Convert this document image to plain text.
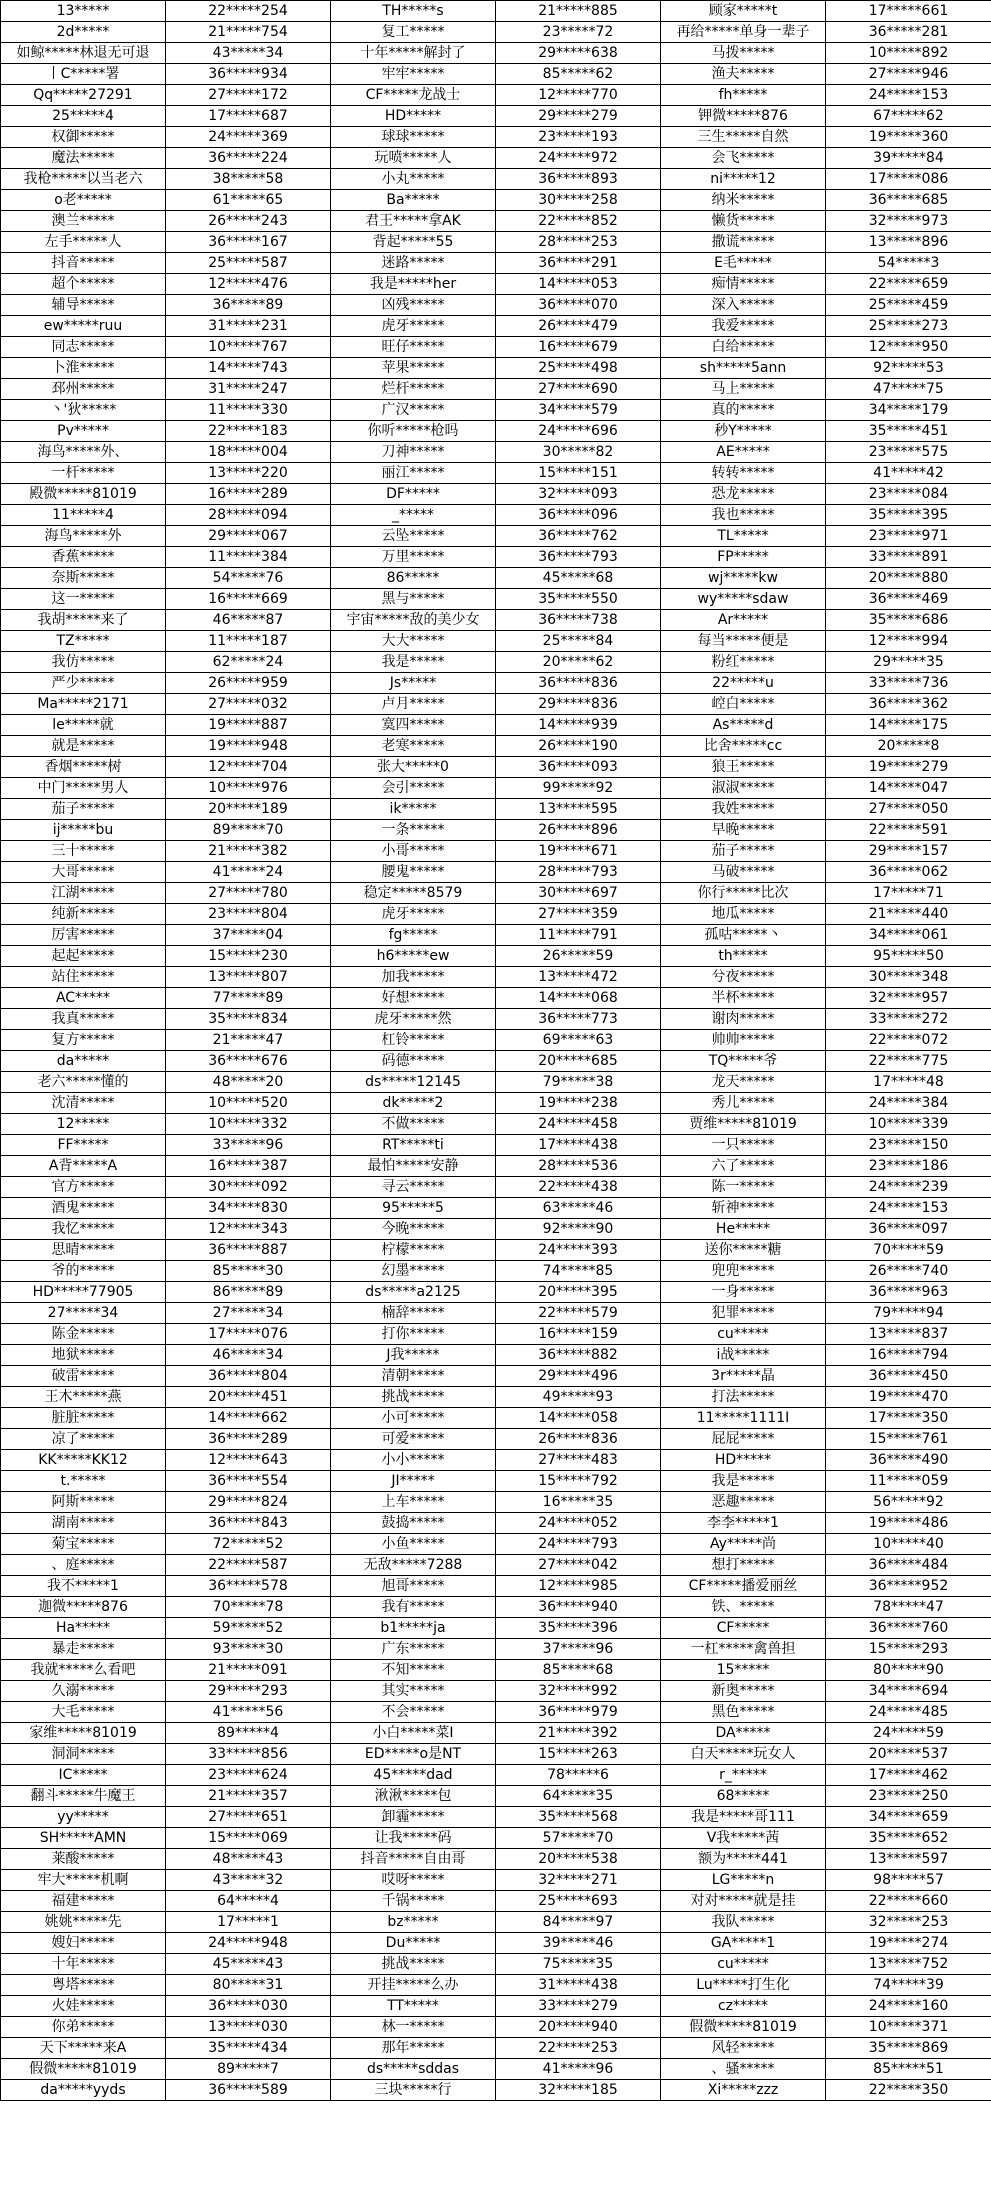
13*****	22*****254	TH*****s	21*****885	顾家*****t	17*****661
2d*****	21*****754	复工*****	23*****72	再给*****单身一辈子	36*****281
如鲸*****林退无可退	43*****34	十年*****解封了	29*****638	马拨*****	10*****892
丨C*****署	36*****934	牢牢*****	85*****62	渔夫*****	27*****946
Qq*****27291	27*****172	CF*****龙战士	12*****770	fh*****	24*****153
25*****4	17*****687	HD*****	29*****279	钾微*****876	67*****62
权御*****	24*****369	球球*****	23*****193	三生*****自然	19*****360
魔法*****	36*****224	玩喷*****人	24*****972	会飞*****	39*****84
我枪*****以当老六	38*****58	小丸*****	36*****893	ni*****12	17*****086
o老*****	61*****65	Ba*****	30*****258	纳米*****	36*****685
澳兰*****	26*****243	君王*****拿AK	22*****852	懒货*****	32*****973
左手*****人	36*****167	背起*****55	28*****253	撒谎*****	13*****896
抖音*****	25*****587	迷路*****	36*****291	E毛*****	54*****3
超个*****	12*****476	我是*****her	14*****053	痴情*****	22*****659
辅导*****	36*****89	凶残*****	36*****070	深入*****	25*****459
ew*****ruu	31*****231	虎牙*****	26*****479	我爱*****	25*****273
同志*****	10*****767	旺仔*****	16*****679	白给*****	12*****950
卜淮*****	14*****743	苹果*****	25*****498	sh*****5ann	92*****53
邳州*****	31*****247	烂杆*****	27*****690	马上*****	47*****75
丶'狄*****	11*****330	广汉*****	34*****579	真的*****	34*****179
Pv*****	22*****183	你听*****枪吗	24*****696	秒Y*****	35*****451
海鸟*****外、	18*****004	刀神*****	30*****82	AE*****	23*****575
一杆*****	13*****220	丽江*****	15*****151	转转*****	41*****42
殿微*****81019	16*****289	DF*****	32*****093	恐龙*****	23*****084
11*****4	28*****094	_*****	36*****096	我也*****	35*****395
海鸟*****外	29*****067	云坠*****	36*****762	TL*****	23*****971
香蕉*****	11*****384	万里*****	36*****793	FP*****	33*****891
奈斯*****	54*****76	86*****	45*****68	wj*****kw	20*****880
这一*****	16*****669	黑与*****	35*****550	wy*****sdaw	36*****469
我胡*****来了	46*****87	宇宙*****敌的美少女	36*****738	Ar*****	35*****686
TZ*****	11*****187	大大*****	25*****84	每当*****便是	12*****994
我仿*****	62*****24	我是*****	20*****62	粉红*****	29*****35
严少*****	26*****959	Js*****	36*****836	22*****u	33*****736
Ma*****2171	27*****032	卢月*****	29*****836	崆白*****	36*****362
le*****就	19*****887	寞四*****	14*****939	As*****d	14*****175
就是*****	19*****948	老寒*****	26*****190	比舍*****cc	20*****8
香烟*****树	12*****704	张大*****0	36*****093	狼王*****	19*****279
中门*****男人	10*****976	会引*****	99*****92	淑淑*****	14*****047
茄子*****	20*****189	ik*****	13*****595	我姓*****	27*****050
ij*****bu	89*****70	一条*****	26*****896	早晚*****	22*****591
三十*****	21*****382	小哥*****	19*****671	茄子*****	29*****157
大哥*****	41*****24	腰鬼*****	28*****793	马破*****	36*****062
江湖*****	27*****780	稳定*****8579	30*****697	你行*****比次	17*****71
纯新*****	23*****804	虎牙*****	27*****359	地瓜*****	21*****440
厉害*****	37*****04	fg*****	11*****791	孤咕*****丶	34*****061
起起*****	15*****230	h6*****ew	26*****59	th*****	95*****50
站住*****	13*****807	加我*****	13*****472	兮夜*****	30*****348
AC*****	77*****89	好想*****	14*****068	半杯*****	32*****957
我真*****	35*****834	虎牙*****然	36*****773	谢肉*****	33*****272
复方*****	21*****47	杠铃*****	69*****63	帅帅*****	22*****072
da*****	36*****676	码德*****	20*****685	TQ*****爷	22*****775
老六*****懂的	48*****20	ds*****12145	79*****38	龙天*****	17*****48
沈清*****	10*****520	dk*****2	19*****238	秀儿*****	24*****384
12*****	10*****332	不做*****	24*****458	贾维*****81019	10*****339
FF*****	33*****96	RT*****ti	17*****438	一只*****	23*****150
A背*****A	16*****387	最怕*****安静	28*****536	六了*****	23*****186
官方*****	30*****092	寻云*****	22*****438	陈一*****	24*****239
酒鬼*****	34*****830	95*****5	63*****46	斩神*****	24*****153
我忆*****	12*****343	今晚*****	92*****90	He*****	36*****097
思晴*****	36*****887	柠檬*****	24*****393	送你*****糖	70*****59
爷的*****	85*****30	幻墨*****	74*****85	兜兜*****	26*****740
HD*****77905	86*****89	ds*****a2125	20*****395	一身*****	36*****963
27*****34	27*****34	楠辞*****	22*****579	犯罪*****	79*****94
陈金*****	17*****076	打你*****	16*****159	cu*****	13*****837
地狱*****	46*****34	J我*****	36*****882	i战*****	16*****794
破雷*****	36*****804	清朝*****	29*****496	3r*****晶	36*****450
王木*****燕	20*****451	挑战*****	49*****93	打法*****	19*****470
脏脏*****	14*****662	小可*****	14*****058	11*****1111I	17*****350
凉了*****	36*****289	可爱*****	26*****836	屁屁*****	15*****761
KK*****KK12	12*****643	小小*****	27*****483	HD*****	36*****490
t.*****	36*****554	JI*****	15*****792	我是*****	11*****059
阿斯*****	29*****824	上车*****	16*****35	恶趣*****	56*****92
湖南*****	36*****843	鼓捣*****	24*****052	李李*****1	19*****486
菊宝*****	72*****52	小鱼*****	24*****793	Ay*****尚	10*****40
、庭*****	22*****587	无敌*****7288	27*****042	想打*****	36*****484
我不*****1	36*****578	旭哥*****	12*****985	CF*****播爱丽丝	36*****952
迦微*****876	70*****78	我有*****	36*****940	铁、*****	78*****47
Ha*****	59*****52	b1*****ja	35*****396	CF*****	36*****760
暴走*****	93*****30	广东*****	37*****96	一杠*****禽兽担	15*****293
我就*****么看吧	21*****091	不知*****	85*****68	15*****	80*****90
久溺*****	29*****293	其实*****	32*****992	新奥*****	34*****694
大毛*****	41*****56	不会*****	36*****979	黑色*****	24*****485
家维*****81019	89*****4	小白*****菜I	21*****392	DA*****	24*****59
洞洞*****	33*****856	ED*****o是NT	15*****263	白天*****玩女人	20*****537
IC*****	23*****624	45*****dad	78*****6	r_*****	17*****462
翻斗*****牛魔王	21*****357	湫湫*****包	64*****35	68*****	23*****250
yy*****	27*****651	卸霾*****	35*****568	我是*****哥111	34*****659
SH*****AMN	15*****069	让我*****码	57*****70	V我*****茜	35*****652
莱酸*****	48*****43	抖音*****自由哥	20*****538	额为*****441	13*****597
牢大*****机啊	43*****32	哎呀*****	32*****271	LG*****n	98*****57
福建*****	64*****4	千锅*****	25*****693	对对*****就是挂	22*****660
姚姚*****先	17*****1	bz*****	84*****97	我队*****	32*****253
嫂妇*****	24*****948	Du*****	39*****46	GA*****1	19*****274
十年*****	45*****43	挑战*****	75*****35	cu*****	13*****752
粤塔*****	80*****31	开挂*****么办	31*****438	Lu*****打生化	74*****39
火娃*****	36*****030	TT*****	33*****279	cz*****	24*****160
你弟*****	13*****030	林一*****	20*****940	假微*****81019	10*****371
天下*****来A	35*****434	那年*****	22*****253	风轻*****	35*****869
假微*****81019	89*****7	ds*****sddas	41*****96	、骚*****	85*****51
da*****yyds	36*****589	三块*****行	32*****185	Xi*****zzz	22*****350
